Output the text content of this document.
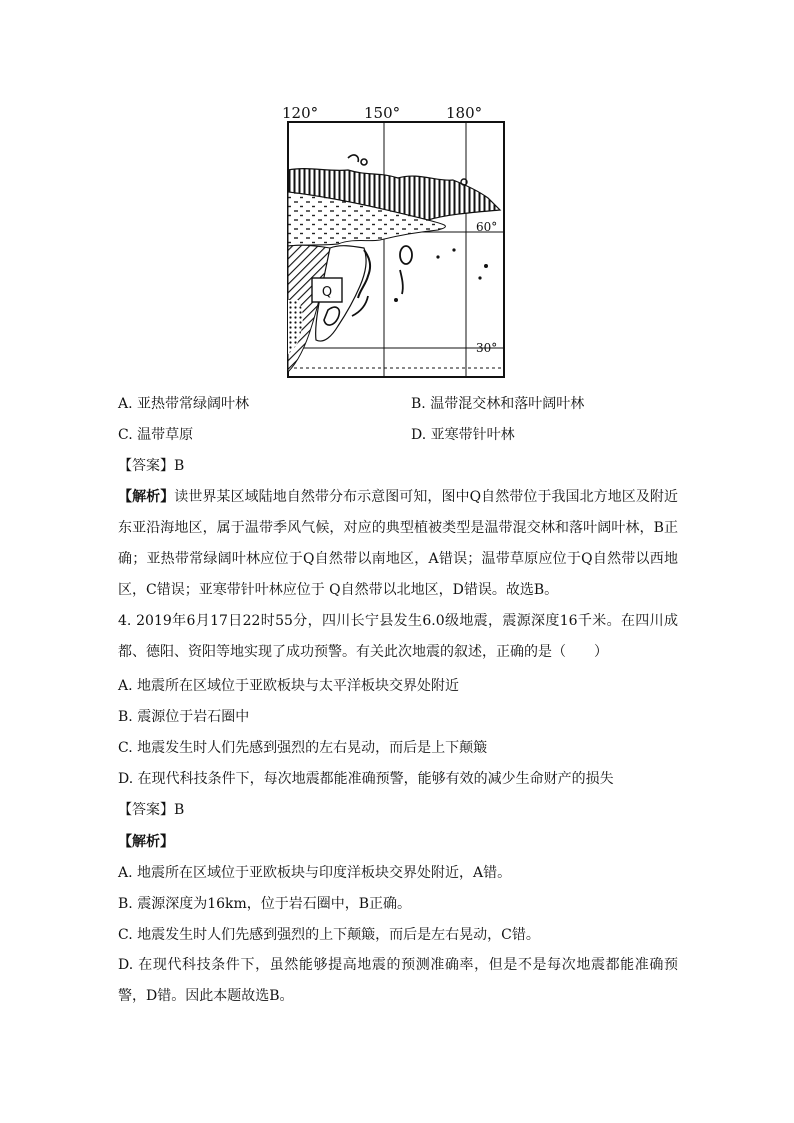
Q
120°	150°	180°
60°
30°
A. 亚热带常绿阔叶林	B. 温带混交林和落叶阔叶林
C. 温带草原	D. 亚寒带针叶林
【答案】B
【解析】读世界某区域陆地自然带分布示意图可知，图中Q自然带位于我国北方地区及附近东亚沿海地区，属于温带季风气候，对应的典型植被类型是温带混交林和落叶阔叶林，B正确；亚热带常绿阔叶林应位于Q自然带以南地区，A错误；温带草原应位于Q自然带以西地区，C错误；亚寒带针叶林应位于 Q自然带以北地区，D错误。故选B。
4. 2019年6月17日22时55分，四川长宁县发生6.0级地震，震源深度16千米。在四川成都、德阳、资阳等地实现了成功预警。有关此次地震的叙述，正确的是（　　）
A. 地震所在区域位于亚欧板块与太平洋板块交界处附近
B. 震源位于岩石圈中
C. 地震发生时人们先感到强烈的左右晃动，而后是上下颠簸
D. 在现代科技条件下，每次地震都能准确预警，能够有效的减少生命财产的损失
【答案】B
【解析】
A. 地震所在区域位于亚欧板块与印度洋板块交界处附近，A错。
B. 震源深度为16km，位于岩石圈中，B正确。
C. 地震发生时人们先感到强烈的上下颠簸，而后是左右晃动，C错。
D. 在现代科技条件下，虽然能够提高地震的预测准确率，但是不是每次地震都能准确预警，D错。因此本题故选B。
